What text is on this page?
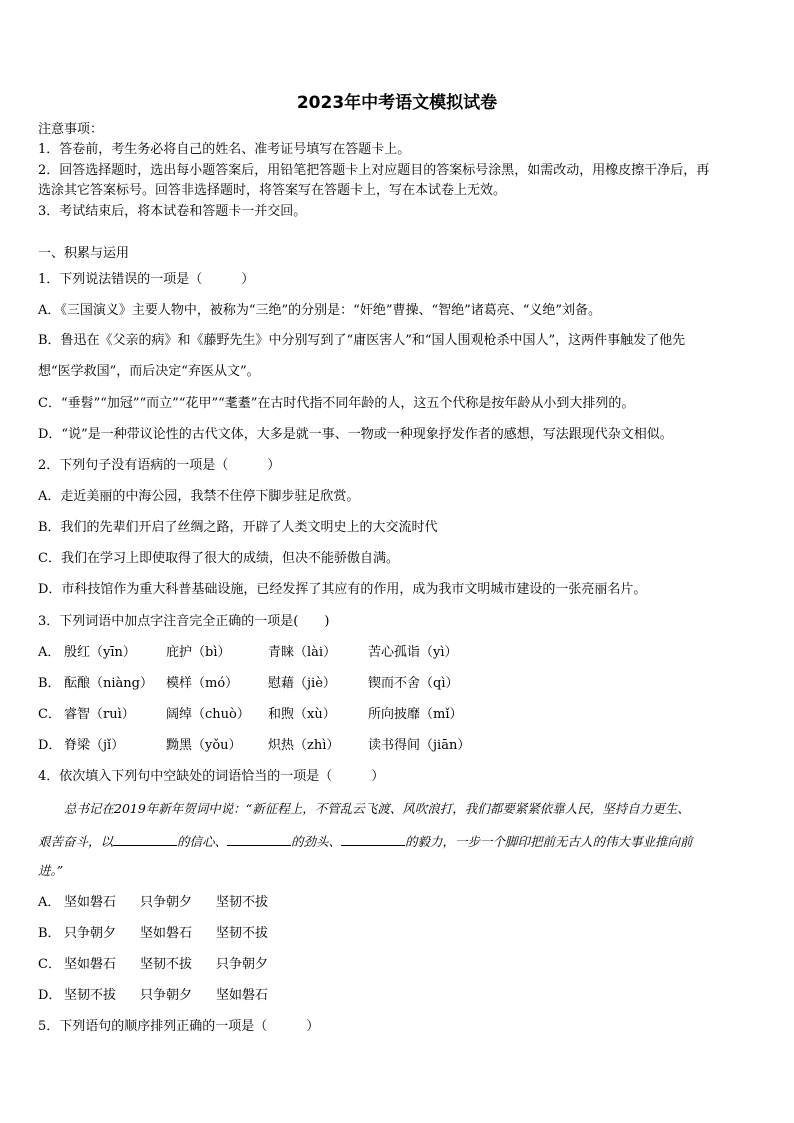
2023年中考语文模拟试卷
注意事项：
1．答卷前，考生务必将自己的姓名、准考证号填写在答题卡上。
2．回答选择题时，选出每小题答案后，用铅笔把答题卡上对应题目的答案标号涂黑，如需改动，用橡皮擦干净后，再
选涂其它答案标号。回答非选择题时，将答案写在答题卡上，写在本试卷上无效。
3．考试结束后，将本试卷和答题卡一并交回。
一、积累与运用
1．下列说法错误的一项是（　　　）
A．《三国演义》主要人物中，被称为“三绝”的分别是：“奸绝”曹操、“智绝”诸葛亮、“义绝”刘备。
B．鲁迅在《父亲的病》和《藤野先生》中分别写到了“庸医害人”和“国人围观枪杀中国人”，这两件事触发了他先
想“医学救国”，而后决定“弃医从文”。
C．“垂髫”“加冠”“而立”“花甲”“耄耋”在古时代指不同年龄的人，这五个代称是按年龄从小到大排列的。
D．“说”是一种带议论性的古代文体，大多是就一事、一物或一种现象抒发作者的感想，写法跟现代杂文相似。
2．下列句子没有语病的一项是（　　　）
A．走近美丽的中海公园，我禁不住停下脚步驻足欣赏。
B．我们的先辈们开启了丝绸之路，开辟了人类文明史上的大交流时代
C．我们在学习上即使取得了很大的成绩，但决不能骄傲自满。
D．市科技馆作为重大科普基础设施，已经发挥了其应有的作用，成为我市文明城市建设的一张亮丽名片。
3．下列词语中加点字注音完全正确的一项是(　　)
A． 殷红（yīn） 庇护（bì）	青睐（lài） 苦心孤诣（yì）
B． 酝酿（niàng） 模样（mó） 慰藉（jiè） 锲而不舍（qì）
C． 睿智（ruì） 阔绰（chuò） 和煦（xù） 所向披靡（mǐ）
D． 脊梁（jǐ）	黝黑（yǒu） 炽热（zhì） 读书得间（jiān）
4．依次填入下列句中空缺处的词语恰当的一项是（　　　）
总书记在2019年新年贺词中说：“新征程上，不管乱云飞渡、风吹浪打，我们都要紧紧依靠人民，坚持自力更生、
艰苦奋斗，以	的信心、	的劲头、	的毅力，一步一个脚印把前无古人的伟大事业推向前
进。”
A． 坚如磐石 只争朝夕 坚韧不拔
B． 只争朝夕 坚如磐石 坚韧不拔
C． 坚如磐石 坚韧不拔 只争朝夕
D． 坚韧不拔 只争朝夕 坚如磐石
5．下列语句的顺序排列正确的一项是（　　　）
